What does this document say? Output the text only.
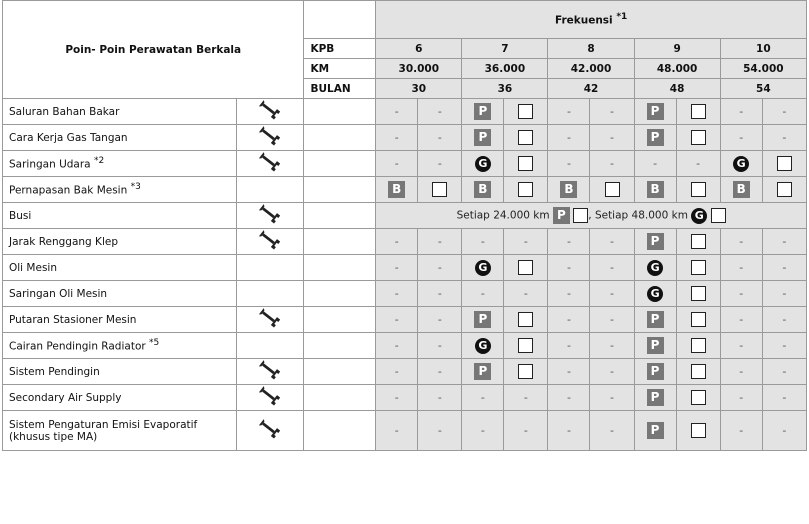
Poin- Poin Perawatan Berkala			Frekuensi $^{*1}$
		KPB	6		7		8		9		10	
		KM	30.000		36.000		42.000		48.000		54.000	
		BULAN	30		36		42		48		54	
Saluran Bahan Bakar			-	-	P		-	-	P		-	-
Cara Kerja Gas Tangan			-	-	P		-	-	P		-	-
Saringan Udara $^{*2}$			-	-	G		-	-	-	-	G	
Pernapasan Bak Mesin $^{*3}$			B		B		B		B		B	
Busi			Setiap 24.000 km P , Setiap 48.000 km G									
Jarak Renggang Klep			-	-	-	-	-	-	P		-	-
Oli Mesin			-	-	G		-	-	G		-	-
Saringan Oli Mesin			-	-	-	-	-	-	G		-	-
Putaran Stasioner Mesin			-	-	P		-	-	P		-	-
Cairan Pendingin Radiator $^{*5}$			-	-	G		-	-	P		-	-
Sistem Pendingin			-	-	P		-	-	P		-	-
Secondary Air Supply			-	-	-	-	-	-	P		-	-
Sistem Pengaturan Emisi Evaporatif
(khusus tipe MA)			-	-	-	-	-	-	P		-	-
